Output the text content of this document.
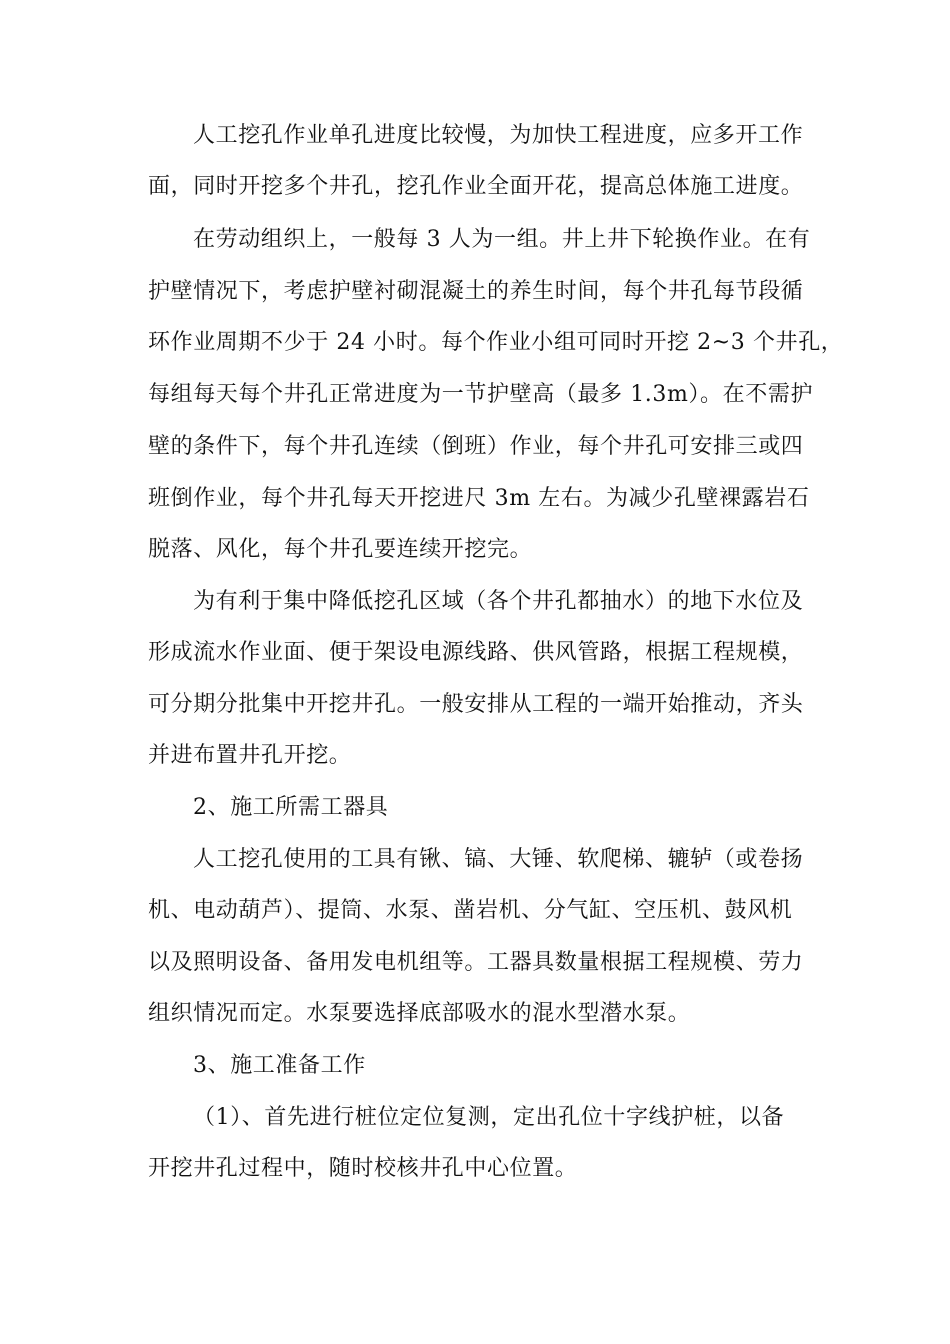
人工挖孔作业单孔进度比较慢，为加快工程进度，应多开工作
面，同时开挖多个井孔，挖孔作业全面开花，提高总体施工进度。
在劳动组织上，一般每 3 人为一组。井上井下轮换作业。在有
护壁情况下，考虑护壁衬砌混凝土的养生时间，每个井孔每节段循
环作业周期不少于 24 小时。每个作业小组可同时开挖 2~3 个井孔，
每组每天每个井孔正常进度为一节护壁高（最多 1.3m）。在不需护
壁的条件下，每个井孔连续（倒班）作业，每个井孔可安排三或四
班倒作业，每个井孔每天开挖进尺 3m 左右。为减少孔壁裸露岩石
脱落、风化，每个井孔要连续开挖完。
为有利于集中降低挖孔区域（各个井孔都抽水）的地下水位及
形成流水作业面、便于架设电源线路、供风管路，根据工程规模，
可分期分批集中开挖井孔。一般安排从工程的一端开始推动，齐头
并进布置井孔开挖。
2、施工所需工器具
人工挖孔使用的工具有锹、镐、大锤、软爬梯、辘轳（或卷扬
机、电动葫芦）、提筒、水泵、凿岩机、分气缸、空压机、鼓风机
以及照明设备、备用发电机组等。工器具数量根据工程规模、劳力
组织情况而定。水泵要选择底部吸水的混水型潜水泵。
3、施工准备工作
（1）、首先进行桩位定位复测，定出孔位十字线护桩，以备
开挖井孔过程中，随时校核井孔中心位置。
